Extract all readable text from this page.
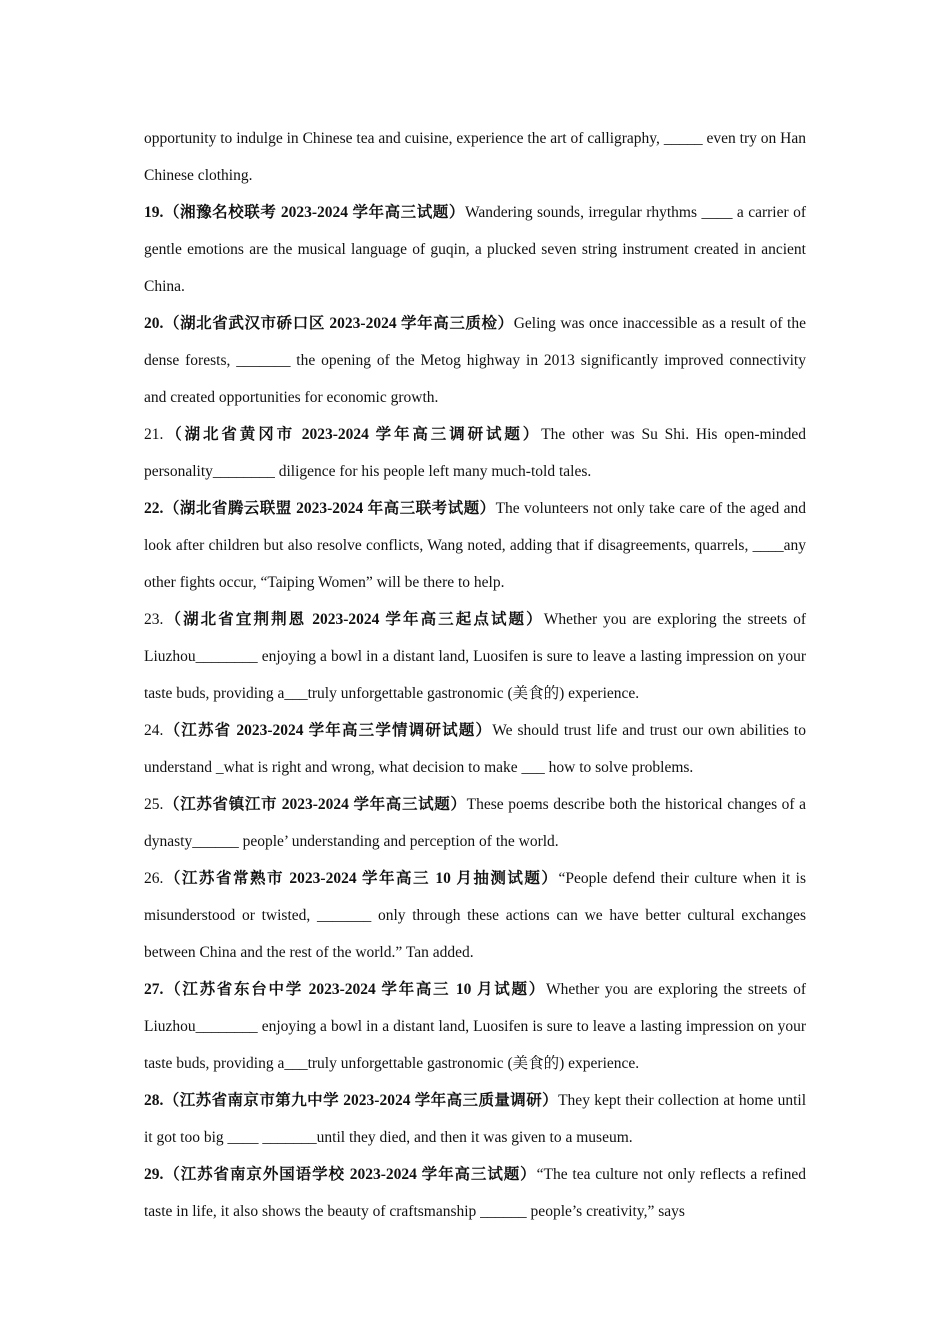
opportunity to indulge in Chinese tea and cuisine, experience the art of calligraphy, _____ even try on Han Chinese clothing.

19.（湘豫名校联考 2023-2024 学年高三试题）Wandering sounds, irregular rhythms ____ a carrier of gentle emotions are the musical language of guqin, a plucked seven string instrument created in ancient China.

20.（湖北省武汉市硚口区 2023-2024 学年高三质检）Geling was once inaccessible as a result of the dense forests, _______ the opening of the Metog highway in 2013 significantly improved connectivity and created opportunities for economic growth.

21.（湖北省黄冈市 2023-2024 学年高三调研试题）The other was Su Shi. His open-minded personality________ diligence for his people left many much-told tales.

22.（湖北省腾云联盟 2023-2024 年高三联考试题）The volunteers not only take care of the aged and look after children but also resolve conflicts, Wang noted, adding that if disagreements, quarrels, ____any other fights occur, “Taiping Women” will be there to help.

23.（湖北省宜荆荆恩 2023-2024 学年高三起点试题）Whether you are exploring the streets of Liuzhou________ enjoying a bowl in a distant land, Luosifen is sure to leave a lasting impression on your taste buds, providing a___truly unforgettable gastronomic (美食的) experience.

24.（江苏省 2023-2024 学年高三学情调研试题）We should trust life and trust our own abilities to understand _what is right and wrong, what decision to make ___ how to solve problems.

25.（江苏省镇江市 2023-2024 学年高三试题）These poems describe both the historical changes of a dynasty______ people’ understanding and perception of the world.

26.（江苏省常熟市 2023-2024 学年高三 10 月抽测试题）“People defend their culture when it is misunderstood or twisted, _______ only through these actions can we have better cultural exchanges between China and the rest of the world.” Tan added.

27.（江苏省东台中学 2023-2024 学年高三 10 月试题）Whether you are exploring the streets of Liuzhou________ enjoying a bowl in a distant land, Luosifen is sure to leave a lasting impression on your taste buds, providing a___truly unforgettable gastronomic (美食的) experience.

28.（江苏省南京市第九中学 2023-2024 学年高三质量调研）They kept their collection at home until it got too big ____ _______until they died, and then it was given to a museum.

29.（江苏省南京外国语学校 2023-2024 学年高三试题）“The tea culture not only reflects a refined taste in life, it also shows the beauty of craftsmanship ______ people’s creativity,” says
